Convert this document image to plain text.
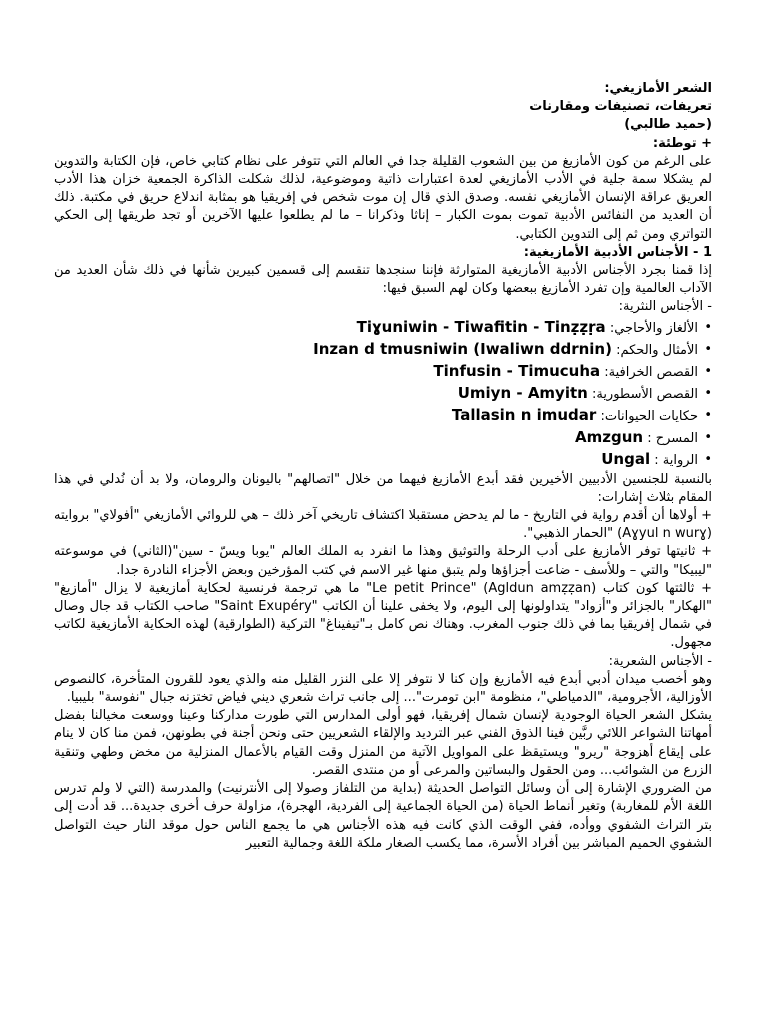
الشعر الأمازيغي:

تعريفات، تصنيفات ومقارنات

(حميد طالبي)

+ توطئة:

على الرغم من كون الأمازيغ من بين الشعوب القليلة جدا في العالم التي تتوفر على نظام كتابي خاص، فإن الكتابة والتدوين لم يشكلا سمة جلية في الأدب الأمازيغي لعدة اعتبارات ذاتية وموضوعية، لذلك شكلت الذاكرة الجمعية خزان هذا الأدب العريق عراقة الإنسان الأمازيغي نفسه. وصدق الذي قال إن موت شخص في إفريقيا هو بمثابة اندلاع حريق في مكتبة. ذلك أن العديد من النفائس الأدبية تموت بموت الكبار – إناثا وذكرانا – ما لم يطلعوا عليها الآخرين أو تجد طريقها إلى الحكي التواتري ومن ثم إلى التدوين الكتابي.

1 - الأجناس الأدبية الأمازيغية:

إذا قمنا بجرد الأجناس الأدبية الأمازيغية المتوارثة فإننا سنجدها تنقسم إلى قسمين كبيرين شأنها في ذلك شأن العديد من الآداب العالمية وإن تفرد الأمازيغ ببعضها وكان لهم السبق فيها:

- الأجناس النثرية:

• الألغاز والأحاجي: Tiɣuniwin - Tiwafitin - Tinẓẓṛa
• الأمثال والحكم: Inzan d tmusniwin (Iwaliwn ddrnin)
• القصص الخرافية: Tinfusin - Timucuha
• القصص الأسطورية: Umiyn - Amyitn
• حكايات الحيوانات: Tallasin n imudar
• المسرح : Amzgun
• الرواية : Ungal

بالنسبة للجنسين الأدبيين الأخيرين فقد أبدع الأمازيغ فيهما من خلال "اتصالهم" باليونان والرومان، ولا بد أن نُدلي في هذا المقام بثلاث إشارات:

+ أولاها أن أقدم رواية في التاريخ - ما لم يدحض مستقبلا اكتشاف تاريخي آخر ذلك – هي للروائي الأمازيغي "أفولاي" بروايته (Aɣyul n wurɣ) "الحمار الذهبي".

+ ثانيتها توفر الأمازيغ على أدب الرحلة والتوثيق وهذا ما انفرد به الملك العالم "يوبا ويسّ - سين"(الثاني) في موسوعته "ليبيكا" والتي – وللأسف - ضاعت أجزاؤها ولم يتبق منها غير الاسم في كتب المؤرخين وبعض الأجزاء النادرة جدا.

+ ثالثتها كون كتاب (Agldun amẓẓan) "Le petit Prince" ما هي ترجمة فرنسية لحكاية أمازيغية لا يزال "أمازيغ" "الهكار" بالجزائر و"أزواد" يتداولونها إلى اليوم، ولا يخفى علينا أن الكاتب "Saint Exupéry" صاحب الكتاب قد جال وصال في شمال إفريقيا بما في ذلك جنوب المغرب. وهناك نص كامل بـ"تيفيناغ" التركية (الطوارقية) لهذه الحكاية الأمازيغية لكاتب مجهول.

- الأجناس الشعرية:

وهو أخصب ميدان أدبي أبدع فيه الأمازيغ وإن كنا لا نتوفر إلا على النزر القليل منه والذي يعود للقرون المتأخرة، كالنصوص الأوزالية، الأجرومية، "الدمياطي"، منظومة "ابن تومرت"... إلى جانب تراث شعري ديني فياض تختزنه جبال "نفوسة" بليبيا.

يشكل الشعر الحياة الوجودية لإنسان شمال إفريقيا، فهو أولى المدارس التي طورت مداركنا وعينا ووسعت مخيالنا بفضل أمهاتنا الشواعر اللائي ربَّين فينا الذوق الفني عبر الترديد والإلقاء الشعريين حتى ونحن أجنة في بطونهن، فمن منا كان لا ينام على إيقاع أهزوجة "ريرو" ويستيقظ على المواويل الآتية من المنزل وقت القيام بالأعمال المنزلية من مخض وطهي وتنقية الزرع من الشوائب... ومن الحقول والبساتين والمرعى أو من منتدى القصر.

من الضروري الإشارة إلى أن وسائل التواصل الحديثة (بداية من التلفاز وصولا إلى الأنترنيت) والمدرسة (التي لا ولم تدرس اللغة الأم للمغاربة) وتغير أنماط الحياة (من الحياة الجماعية إلى الفردية، الهجرة)، مزاولة حرف أخرى جديدة... قد أدت إلى بتر التراث الشفوي ووأده، ففي الوقت الذي كانت فيه هذه الأجناس هي ما يجمع الناس حول موقد النار حيث التواصل الشفوي الحميم المباشر بين أفراد الأسرة، مما يكسب الصغار ملكة اللغة وجمالية التعبير
